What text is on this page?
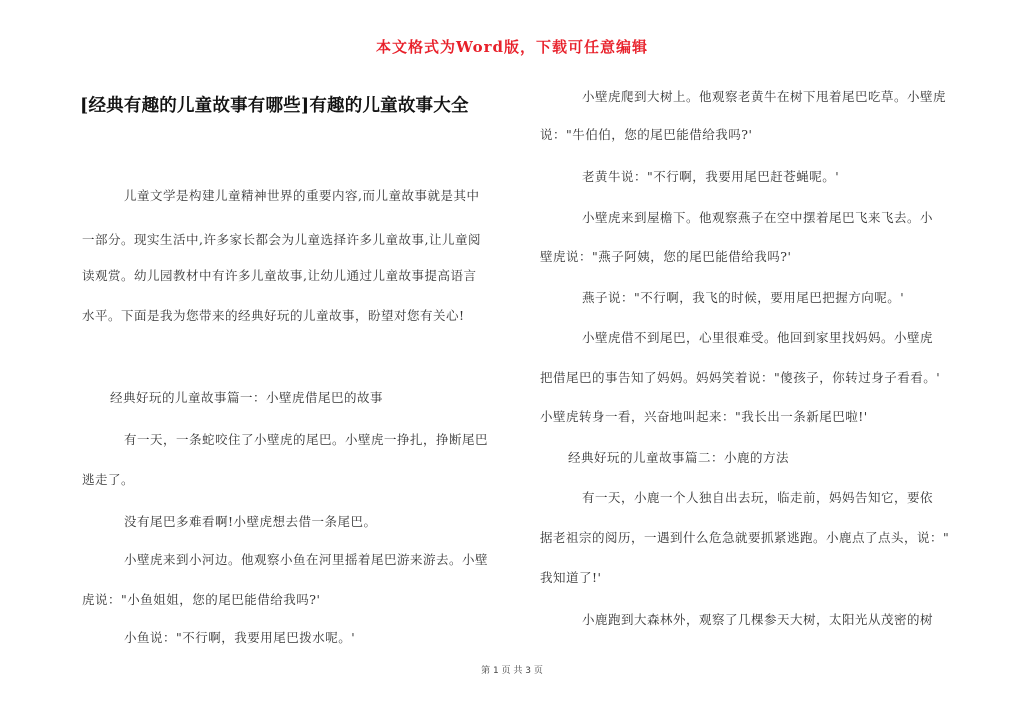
本文格式为Word版，下载可任意编辑
[经典有趣的儿童故事有哪些]有趣的儿童故事大全
儿童文学是构建儿童精神世界的重要内容,而儿童故事就是其中
一部分。现实生活中,许多家长都会为儿童选择许多儿童故事,让儿童阅
读观赏。幼儿园教材中有许多儿童故事,让幼儿通过儿童故事提高语言
水平。下面是我为您带来的经典好玩的儿童故事，盼望对您有关心!
经典好玩的儿童故事篇一：小壁虎借尾巴的故事
有一天，一条蛇咬住了小壁虎的尾巴。小壁虎一挣扎，挣断尾巴
逃走了。
没有尾巴多难看啊!小壁虎想去借一条尾巴。
小壁虎来到小河边。他观察小鱼在河里摇着尾巴游来游去。小壁
虎说："小鱼姐姐，您的尾巴能借给我吗?'
小鱼说："不行啊，我要用尾巴拨水呢。'
小壁虎爬到大树上。他观察老黄牛在树下甩着尾巴吃草。小壁虎
说："牛伯伯，您的尾巴能借给我吗?'
老黄牛说："不行啊，我要用尾巴赶苍蝇呢。'
小壁虎来到屋檐下。他观察燕子在空中摆着尾巴飞来飞去。小
壁虎说："燕子阿姨，您的尾巴能借给我吗?'
燕子说："不行啊，我飞的时候，要用尾巴把握方向呢。'
小壁虎借不到尾巴，心里很难受。他回到家里找妈妈。小壁虎
把借尾巴的事告知了妈妈。妈妈笑着说："傻孩子，你转过身子看看。'
小壁虎转身一看，兴奋地叫起来："我长出一条新尾巴啦!'
经典好玩的儿童故事篇二：小鹿的方法
有一天，小鹿一个人独自出去玩，临走前，妈妈告知它，要依
据老祖宗的阅历，一遇到什么危急就要抓紧逃跑。小鹿点了点头，说："
我知道了!'
小鹿跑到大森林外，观察了几棵参天大树，太阳光从茂密的树
第 1 页 共 3 页
